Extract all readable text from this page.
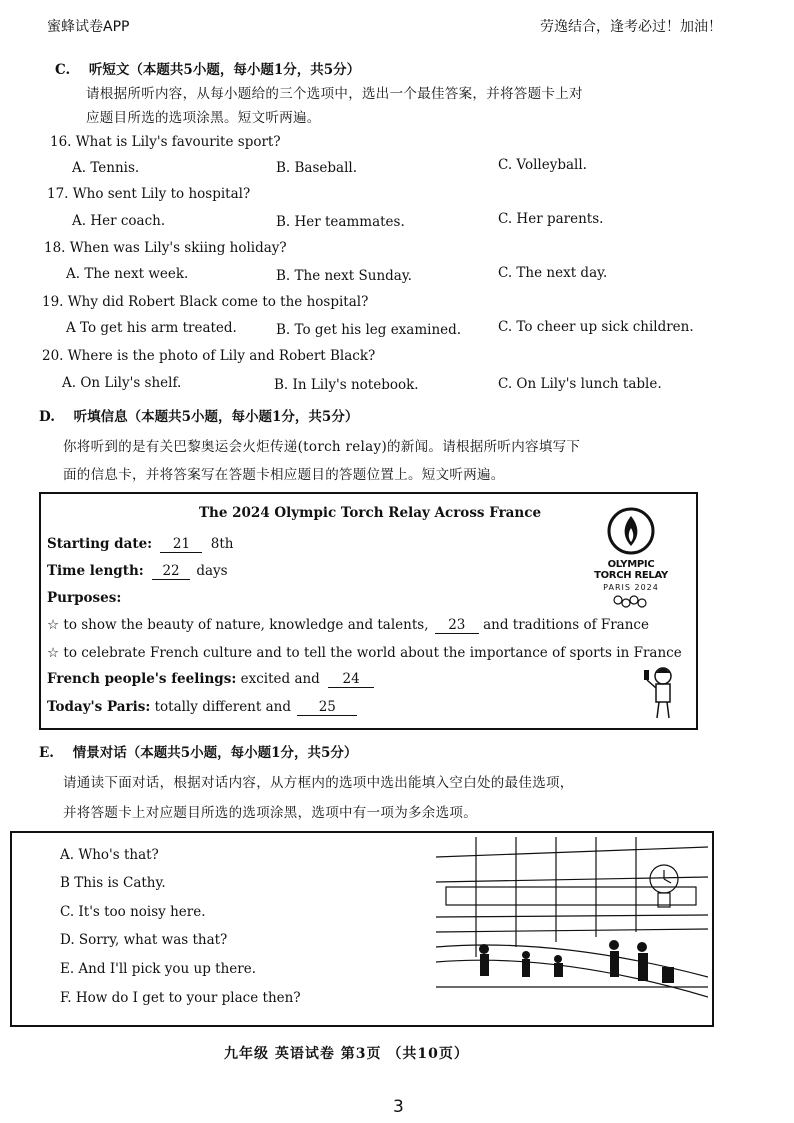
蜜蜂试卷APP	劳逸结合，逢考必过！加油！
C. 听短文（本题共5小题，每小题1分，共5分）
请根据所听内容，从每小题给的三个选项中，选出一个最佳答案，并将答题卡上对
应题目所选的选项涂黑。短文听两遍。
16. What is Lily's favourite sport?
A. Tennis.	B. Baseball.	C. Volleyball.
17. Who sent Lily to hospital?
A. Her coach.	B. Her teammates.	C. Her parents.
18. When was Lily's skiing holiday?
A. The next week.	B. The next Sunday.	C. The next day.
19. Why did Robert Black come to the hospital?
A To get his arm treated.	B. To get his leg examined.	C. To cheer up sick children.
20. Where is the photo of Lily and Robert Black?
A. On Lily's shelf.	B. In Lily's notebook.	C. On Lily's lunch table.
D. 听填信息（本题共5小题，每小题1分，共5分）
你将听到的是有关巴黎奥运会火炬传递(torch relay)的新闻。请根据所听内容填写下
面的信息卡，并将答案写在答题卡相应题目的答题位置上。短文听两遍。
The 2024 Olympic Torch Relay Across France
Starting date: 21 8th
Time length: 22 days
Purposes:
☆ to show the beauty of nature, knowledge and talents, 23 and traditions of France
☆ to celebrate French culture and to tell the world about the importance of sports in France
French people's feelings: excited and 24
Today's Paris: totally different and 25
OLYMPIC
TORCH RELAY
PARIS 2024
E. 情景对话（本题共5小题，每小题1分，共5分）
请通读下面对话，根据对话内容，从方框内的选项中选出能填入空白处的最佳选项，
并将答题卡上对应题目所选的选项涂黑，选项中有一项为多余选项。
A. Who's that?
B This is Cathy.
C. It's too noisy here.
D. Sorry, what was that?
E. And I'll pick you up there.
F. How do I get to your place then?
九年级 英语试卷 第3页 （共10页）
3
